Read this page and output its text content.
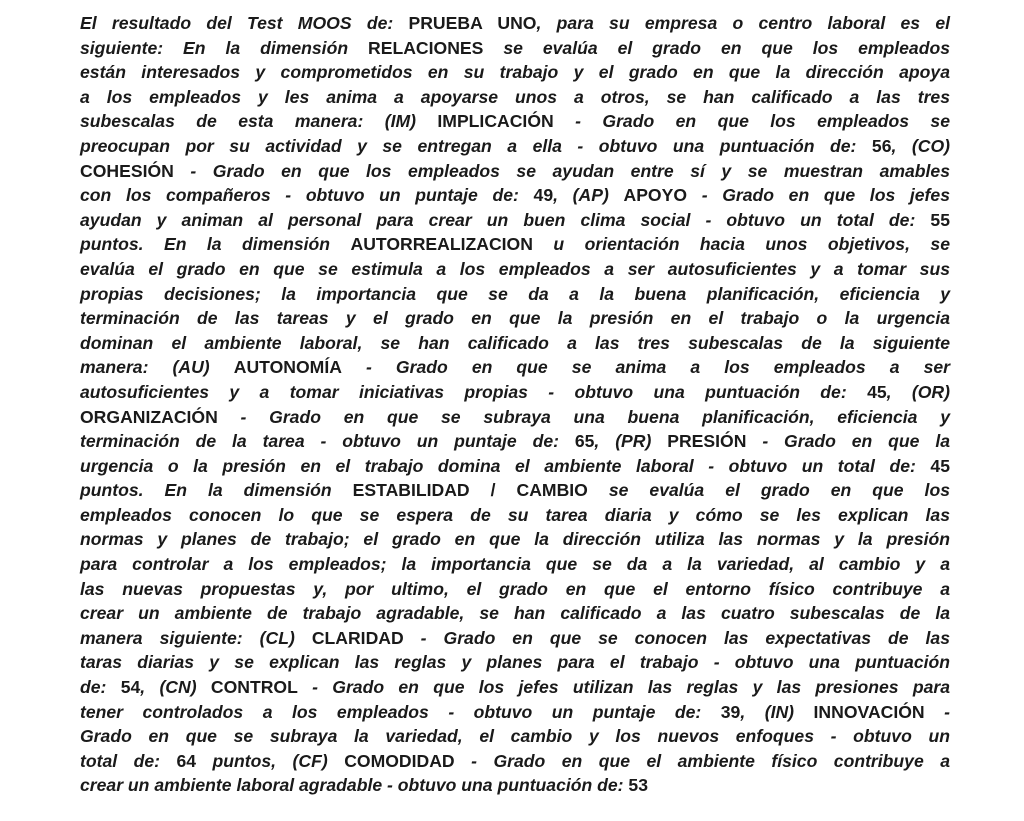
El resultado del Test MOOS de: PRUEBA UNO, para su empresa o centro laboral es el
siguiente: En la dimensión RELACIONES se evalúa el grado en que los empleados
están interesados y comprometidos en su trabajo y el grado en que la dirección apoya
a los empleados y les anima a apoyarse unos a otros, se han calificado a las tres
subescalas de esta manera: (IM) IMPLICACIÓN - Grado en que los empleados se
preocupan por su actividad y se entregan a ella - obtuvo una puntuación de: 56, (CO)
COHESIÓN - Grado en que los empleados se ayudan entre sí y se muestran amables
con los compañeros - obtuvo un puntaje de: 49, (AP) APOYO - Grado en que los jefes
ayudan y animan al personal para crear un buen clima social - obtuvo un total de: 55
puntos. En la dimensión AUTORREALIZACION u orientación hacia unos objetivos, se
evalúa el grado en que se estimula a los empleados a ser autosuficientes y a tomar sus
propias decisiones; la importancia que se da a la buena planificación, eficiencia y
terminación de las tareas y el grado en que la presión en el trabajo o la urgencia
dominan el ambiente laboral, se han calificado a las tres subescalas de la siguiente
manera: (AU) AUTONOMÍA - Grado en que se anima a los empleados a ser
autosuficientes y a tomar iniciativas propias - obtuvo una puntuación de: 45, (OR)
ORGANIZACIÓN - Grado en que se subraya una buena planificación, eficiencia y
terminación de la tarea - obtuvo un puntaje de: 65, (PR) PRESIÓN - Grado en que la
urgencia o la presión en el trabajo domina el ambiente laboral - obtuvo un total de: 45
puntos. En la dimensión ESTABILIDAD / CAMBIO se evalúa el grado en que los
empleados conocen lo que se espera de su tarea diaria y cómo se les explican las
normas y planes de trabajo; el grado en que la dirección utiliza las normas y la presión
para controlar a los empleados; la importancia que se da a la variedad, al cambio y a
las nuevas propuestas y, por ultimo, el grado en que el entorno físico contribuye a
crear un ambiente de trabajo agradable, se han calificado a las cuatro subescalas de la
manera siguiente: (CL) CLARIDAD - Grado en que se conocen las expectativas de las
taras diarias y se explican las reglas y planes para el trabajo - obtuvo una puntuación
de: 54, (CN) CONTROL - Grado en que los jefes utilizan las reglas y las presiones para
tener controlados a los empleados - obtuvo un puntaje de: 39, (IN) INNOVACIÓN -
Grado en que se subraya la variedad, el cambio y los nuevos enfoques - obtuvo un
total de: 64 puntos, (CF) COMODIDAD - Grado en que el ambiente físico contribuye a
crear un ambiente laboral agradable - obtuvo una puntuación de: 53
